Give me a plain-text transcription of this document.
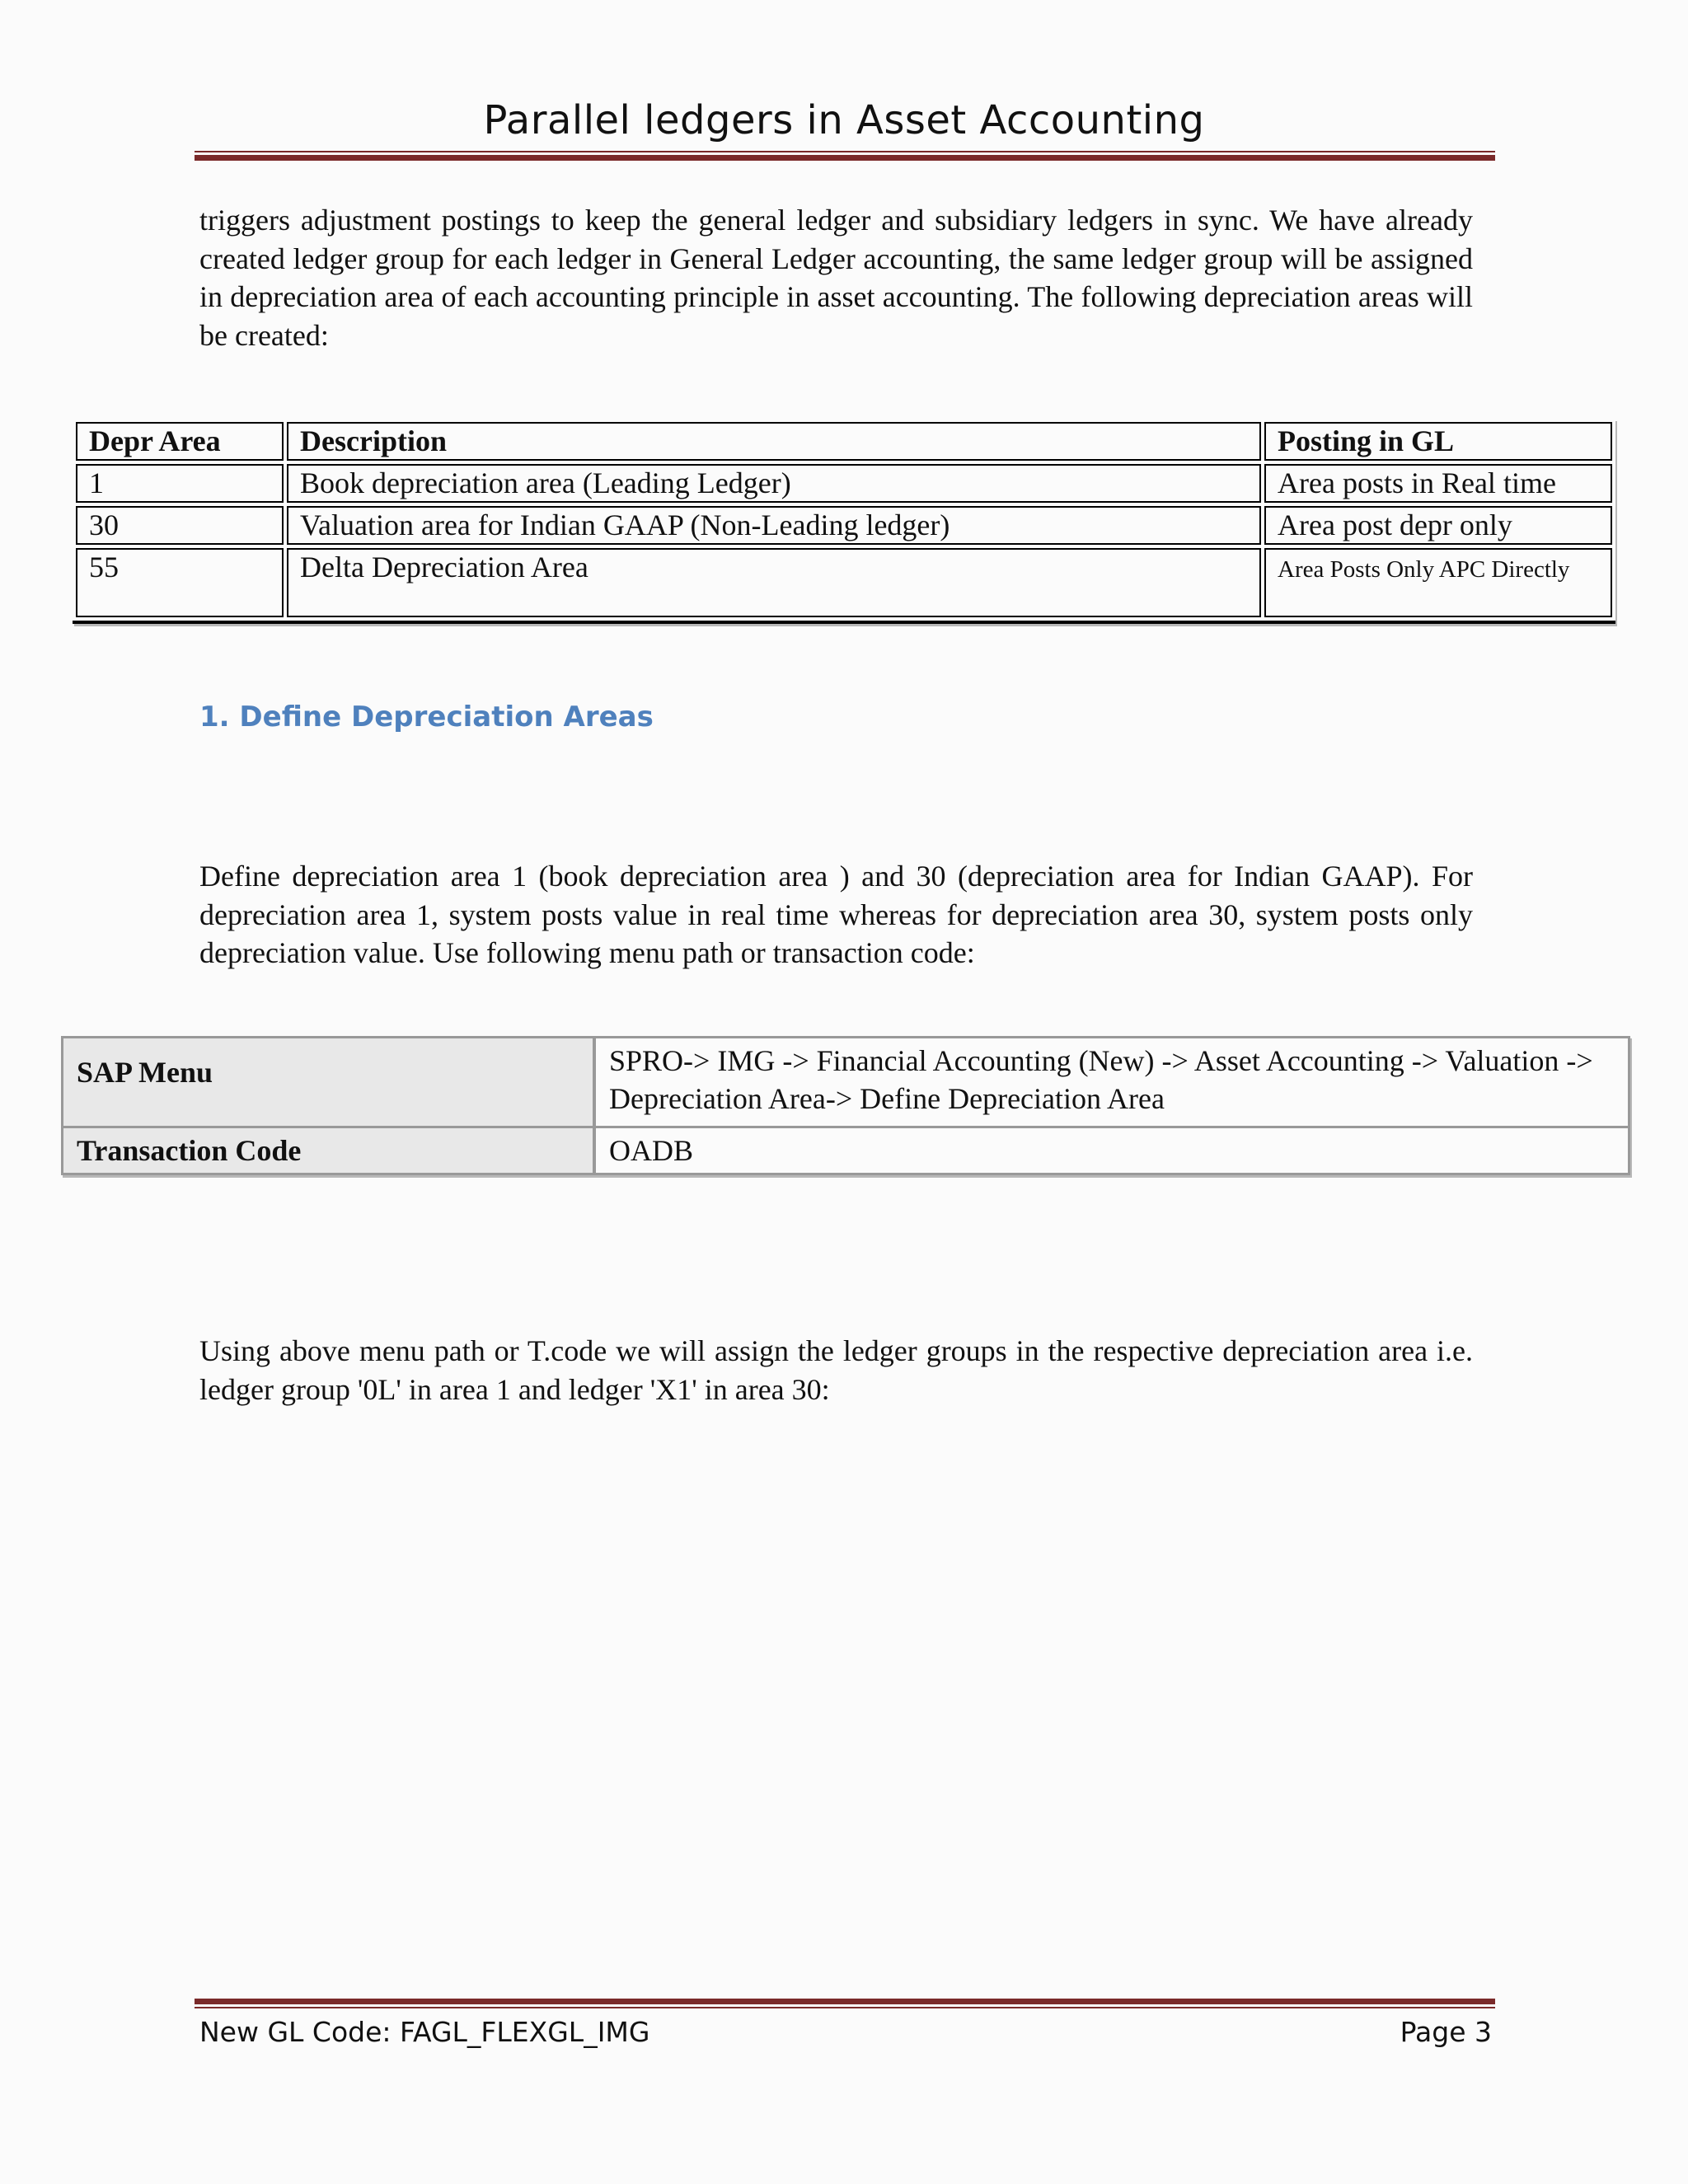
Parallel ledgers in Asset Accounting

triggers adjustment postings to keep the general ledger and subsidiary ledgers in sync. We have already created ledger group for each ledger in General Ledger accounting, the same ledger group will be assigned in depreciation area of each accounting principle in asset accounting. The following depreciation areas will be created:

Depr Area	Description	Posting in GL
1	Book depreciation area (Leading Ledger)	Area posts in Real time
30	Valuation area for Indian GAAP (Non-Leading ledger)	Area post depr only
55	Delta Depreciation Area	Area Posts Only APC Directly
1. Define Depreciation Areas

Define depreciation area 1 (book depreciation area ) and 30 (depreciation area for Indian GAAP). For depreciation area 1, system posts value in real time whereas for depreciation area 30, system posts only depreciation value. Use following menu path or transaction code:

SAP Menu	SPRO-> IMG -> Financial Accounting (New) -> Asset Accounting -> Valuation -> Depreciation Area-> Define Depreciation Area
Transaction Code	OADB

Using above menu path or T.code we will assign the ledger groups in the respective depreciation area i.e. ledger group '0L' in area 1 and ledger 'X1' in area 30:

New GL Code: FAGL_FLEXGL_IMG	Page 3
